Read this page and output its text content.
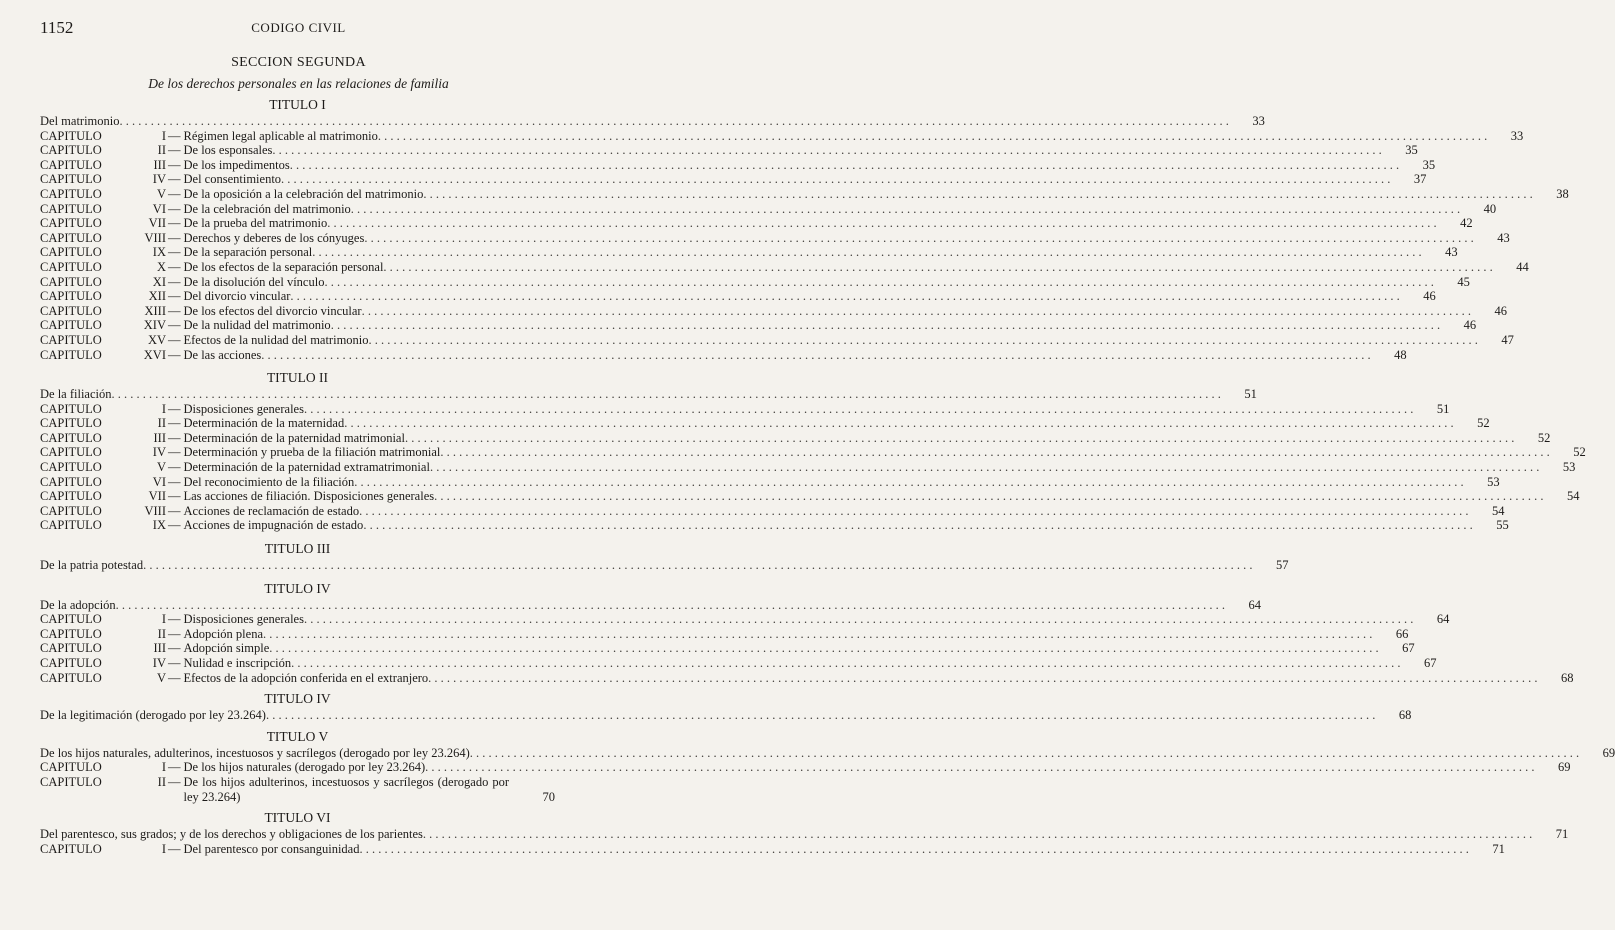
1152	CODIGO CIVIL
SECCION SEGUNDA
De los derechos personales en las relaciones de familia
TITULO I
Del matrimonio . . .	33
CAPITULO	I — Régimen legal aplicable al matrimonio . . .	33
CAPITULO	II — De los esponsales . . .	35
CAPITULO	III — De los impedimentos . . .	35
CAPITULO	IV — Del consentimiento . . .	37
CAPITULO	V — De la oposición a la celebración del matrimonio . . .	38
CAPITULO	VI — De la celebración del matrimonio . . .	40
CAPITULO	VII — De la prueba del matrimonio . . .	42
CAPITULO	VIII — Derechos y deberes de los cónyuges . . .	43
CAPITULO	IX — De la separación personal . . .	43
CAPITULO	X — De los efectos de la separación personal . . .	44
CAPITULO	XI — De la disolución del vínculo . . .	45
CAPITULO	XII — Del divorcio vincular . . .	46
CAPITULO	XIII — De los efectos del divorcio vincular . . .	46
CAPITULO	XIV — De la nulidad del matrimonio . . .	46
CAPITULO	XV — Efectos de la nulidad del matrimonio . . .	47
CAPITULO	XVI — De las acciones . . .	48
TITULO II
De la filiación . . .	51
CAPITULO	I — Disposiciones generales . . .	51
CAPITULO	II — Determinación de la maternidad . . .	52
CAPITULO	III — Determinación de la paternidad matrimonial . . .	52
CAPITULO	IV — Determinación y prueba de la filiación matrimonial . . .	52
CAPITULO	V — Determinación de la paternidad extramatrimonial . . .	53
CAPITULO	VI — Del reconocimiento de la filiación . . .	53
CAPITULO	VII — Las acciones de filiación. Disposiciones generales . . .	54
CAPITULO	VIII — Acciones de reclamación de estado . . .	54
CAPITULO	IX — Acciones de impugnación de estado . . .	55
TITULO III
De la patria potestad . . .	57
TITULO IV
De la adopción . . .	64
CAPITULO	I — Disposiciones generales . . .	64
CAPITULO	II — Adopción plena . . .	66
CAPITULO	III — Adopción simple . . .	67
CAPITULO	IV — Nulidad e inscripción . . .	67
CAPITULO	V — Efectos de la adopción conferida en el extranjero . . .	68
TITULO IV
De la legitimación (derogado por ley 23.264) . . .	68
TITULO V
De los hijos naturales, adulterinos, incestuosos y sacrílegos (derogado por ley 23.264) . . .	69
CAPITULO	I — De los hijos naturales (derogado por ley 23.264) . . .	69
CAPITULO	II — De los hijos adulterinos, incestuosos y sacrílegos (derogado por ley 23.264)	70
TITULO VI
Del parentesco, sus grados; y de los derechos y obligaciones de los parientes . . .	71
CAPITULO	I — Del parentesco por consanguinidad . . .	71
